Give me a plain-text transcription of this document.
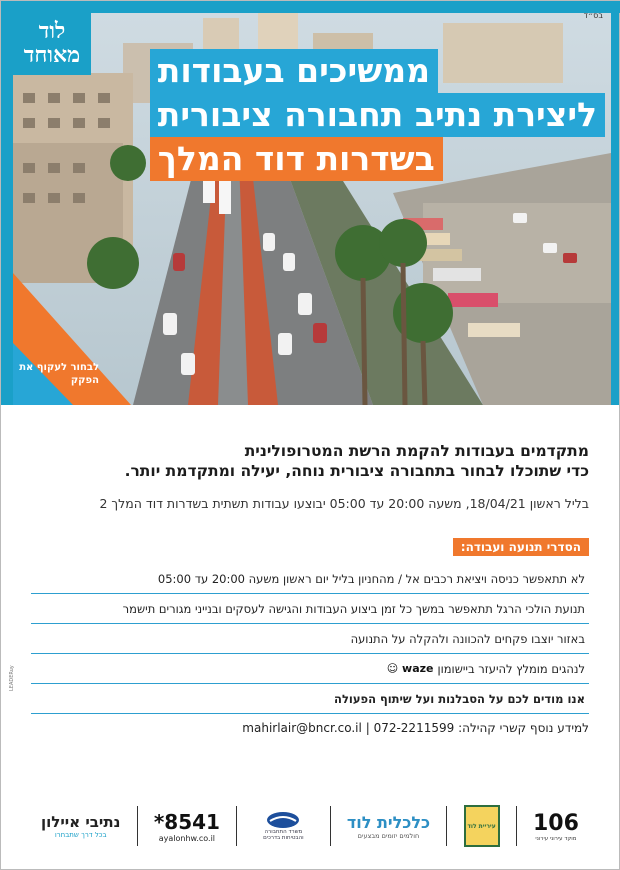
בס״ד
לוד מאוחד	ממשיכים בעבודות
ליצירת נתיב תחבורה ציבורית
בשדרות דוד המלך
לבחור לעקוף את הפקק
מתקדמים בעבודות להקמת הרשת המטרופולינית
כדי שתוכלו לבחור בתחבורה ציבורית נוחה, יעילה ומתקדמת יותר.
בליל ראשון 18/04/21, משעה 20:00 עד 05:00 יבוצעו עבודות תשתית בשדרות דוד המלך 2
הסדרי תנועה ועבודה:
לא תתאפשר כניסה ויציאת רכבים אל / מהחניון בליל יום ראשון משעה 20:00 עד 05:00
תנועת הולכי הרגל תתאפשר במשך כל זמן ביצוע העבודות והגישה לעסקים ובנייני מגורים תישמר
באזור יוצבו פקחים להכוונה ולהקלה על התנועה
לנהגים מומלץ להיעזר ביישומון
waze ☺
אנו מודים לכם על הסבלנות ועל שיתוף הפעולה
למידע נוסף קשרי קהילה: 072-2211599 | mahirlair@bncr.co.il
LEADERuy
נתיבי איילון
בכל דרך שתבחרו
*8541
ayalonhw.co.il
משרד התחבורה והבטיחות בדרכים
כלכלית לוד
חולמים יזומים מבצעים
עיריית לוד 106
מוקד עירוני עירוני
